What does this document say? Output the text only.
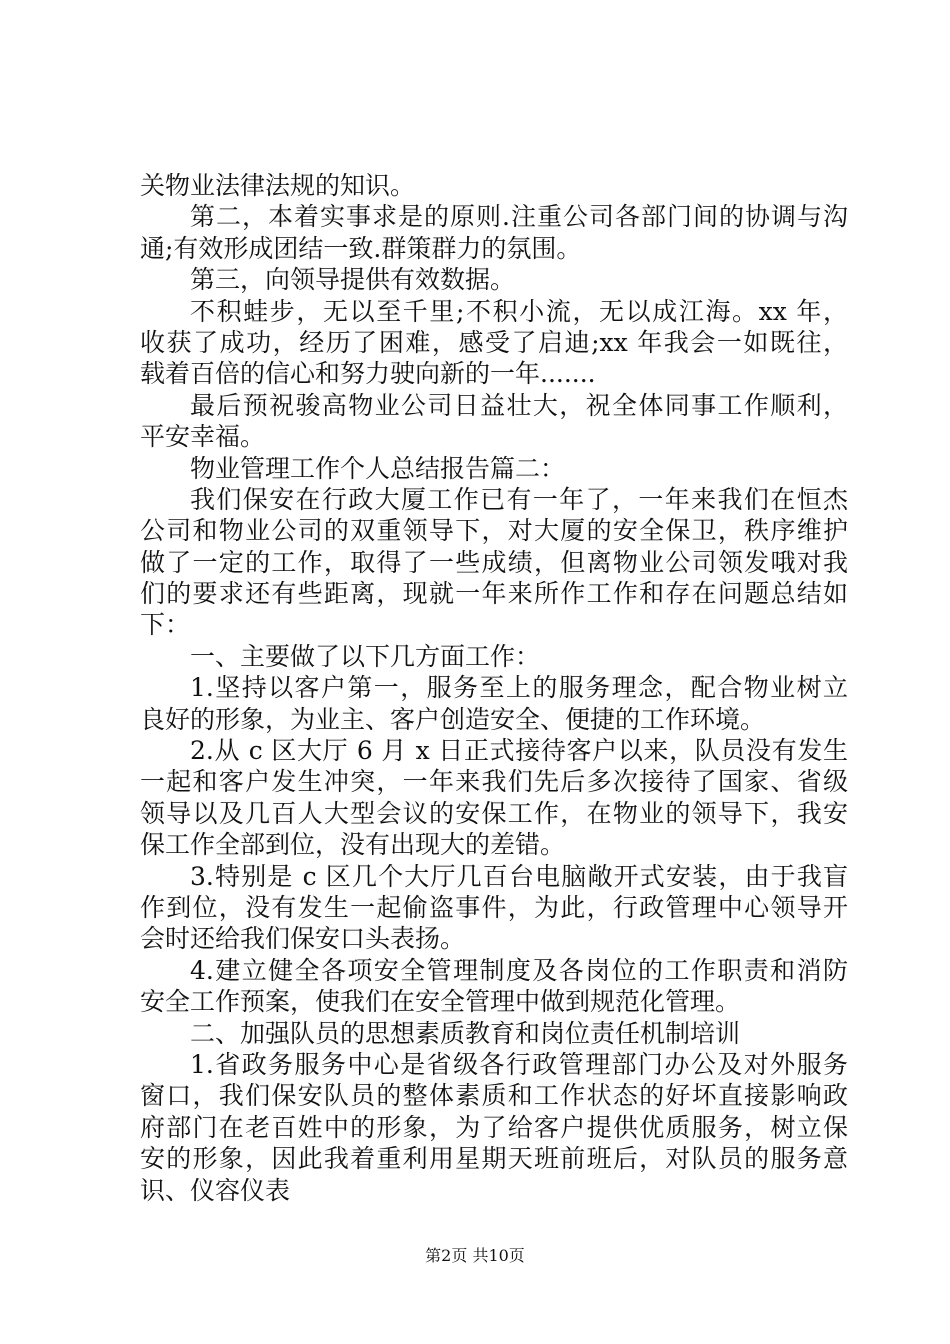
关物业法律法规的知识。
第二，本着实事求是的原则.注重公司各部门间的协调与沟
通;有效形成团结一致.群策群力的氛围。
第三，向领导提供有效数据。
不积蛙步，无以至千里;不积小流，无以成江海。xx 年，
收获了成功，经历了困难，感受了启迪;xx 年我会一如既往，
载着百倍的信心和努力驶向新的一年.......
最后预祝骏高物业公司日益壮大，祝全体同事工作顺利，
平安幸福。
物业管理工作个人总结报告篇二：
我们保安在行政大厦工作已有一年了，一年来我们在恒杰
公司和物业公司的双重领导下，对大厦的安全保卫，秩序维护
做了一定的工作，取得了一些成绩，但离物业公司领发哦对我
们的要求还有些距离，现就一年来所作工作和存在问题总结如
下：
一、主要做了以下几方面工作：
1.坚持以客户第一，服务至上的服务理念，配合物业树立
良好的形象，为业主、客户创造安全、便捷的工作环境。
2.从 c 区大厅 6 月 x 日正式接待客户以来，队员没有发生
一起和客户发生冲突，一年来我们先后多次接待了国家、省级
领导以及几百人大型会议的安保工作，在物业的领导下，我安
保工作全部到位，没有出现大的差错。
3.特别是 c 区几个大厅几百台电脑敞开式安装，由于我盲
作到位，没有发生一起偷盗事件，为此，行政管理中心领导开
会时还给我们保安口头表扬。
4.建立健全各项安全管理制度及各岗位的工作职责和消防
安全工作预案，使我们在安全管理中做到规范化管理。
二、加强队员的思想素质教育和岗位责任机制培训
1.省政务服务中心是省级各行政管理部门办公及对外服务
窗口，我们保安队员的整体素质和工作状态的好坏直接影响政
府部门在老百姓中的形象，为了给客户提供优质服务，树立保
安的形象，因此我着重利用星期天班前班后，对队员的服务意
识、仪容仪表
第2页 共10页
